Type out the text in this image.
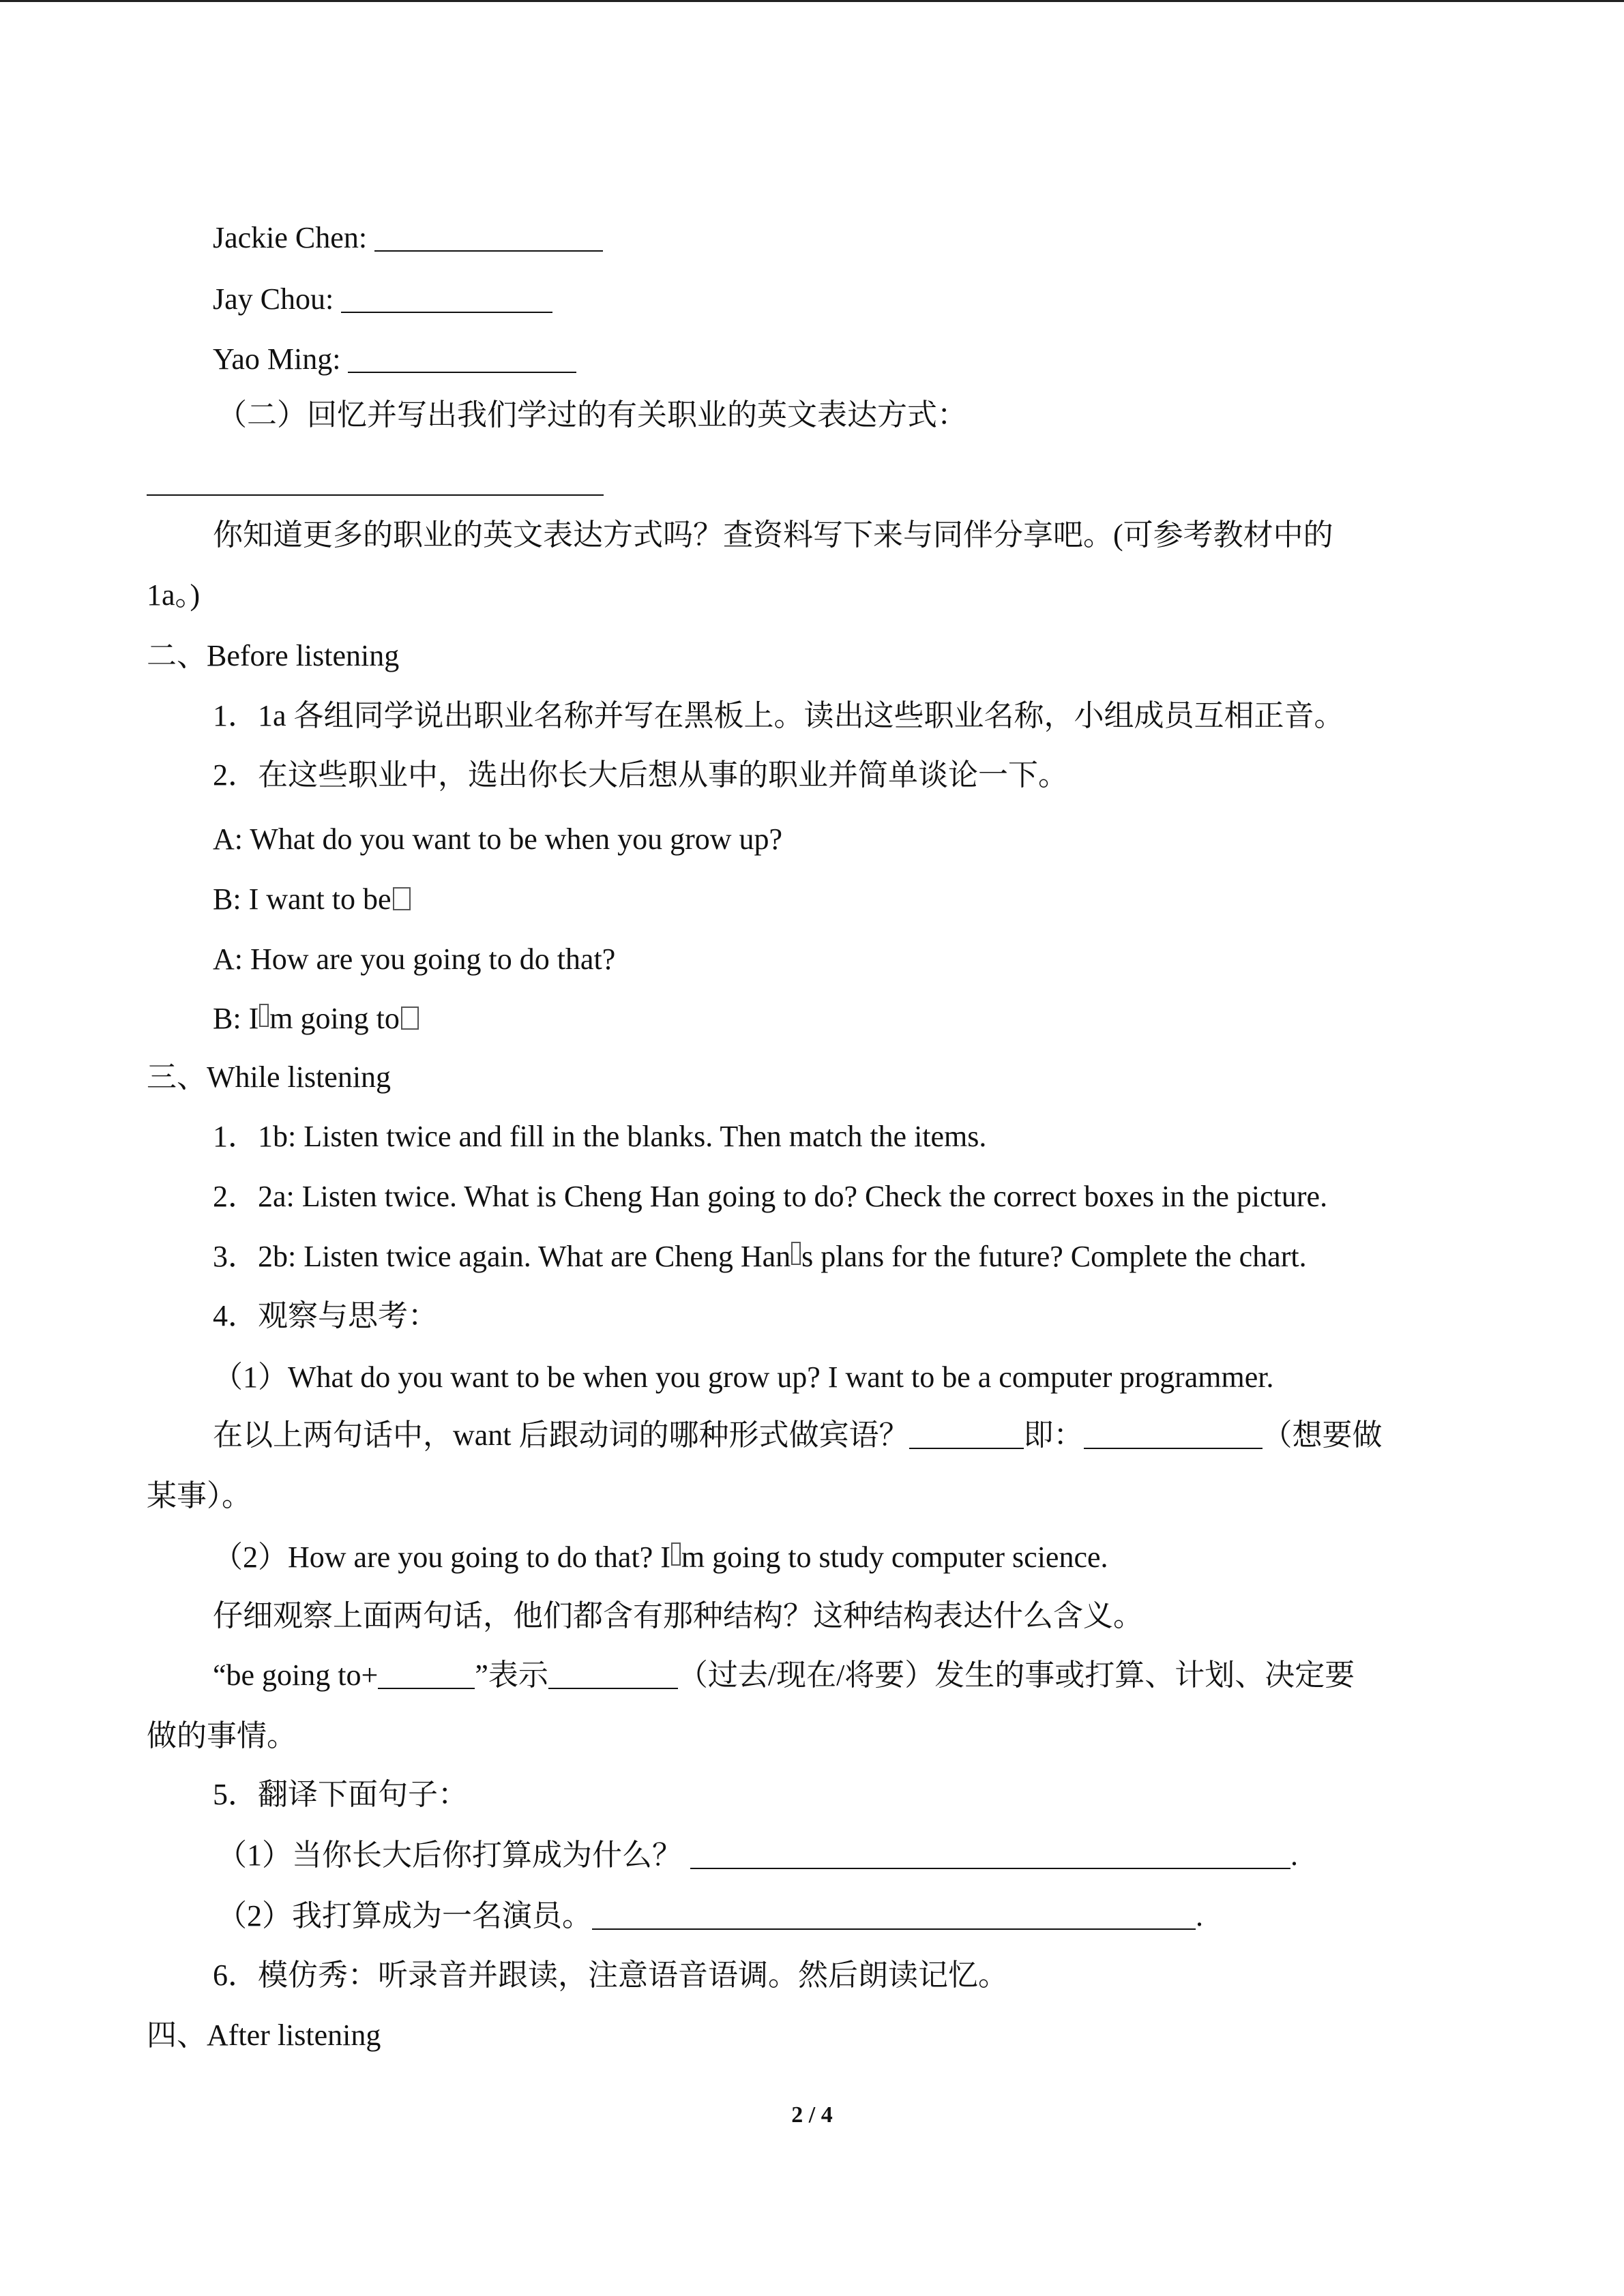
Jackie Chen:
Jay Chou:
Yao Ming:
（二）回忆并写出我们学过的有关职业的英文表达方式：
你知道更多的职业的英文表达方式吗？查资料写下来与同伴分享吧。(可参考教材中的
1a。)
二、Before listening
1．1a 各组同学说出职业名称并写在黑板上。读出这些职业名称，小组成员互相正音。
2．在这些职业中，选出你长大后想从事的职业并简单谈论一下。
A: What do you want to be when you grow up?
B: I want to be
A: How are you going to do that?
B: I m going to
三、While listening
1．1b: Listen twice and fill in the blanks. Then match the items.
2．2a: Listen twice. What is Cheng Han going to do? Check the correct boxes in the picture.
3．2b: Listen twice again. What are Cheng Han s plans for the future? Complete the chart.
4．观察与思考：
（1）What do you want to be when you grow up? I want to be a computer programmer.
在以上两句话中，want 后跟动词的哪种形式做宾语？	即：	（想要做
某事）。
（2）How are you going to do that? I m going to study computer science.
仔细观察上面两句话，他们都含有那种结构？这种结构表达什么含义。
“be going to+	”表示	（过去/现在/将要）发生的事或打算、计划、决定要
做的事情。
5．翻译下面句子：
（1）当你长大后你打算成为什么？	.
（2）我打算成为一名演员。	.
6．模仿秀：听录音并跟读，注意语音语调。然后朗读记忆。
四、After listening
2 / 4
